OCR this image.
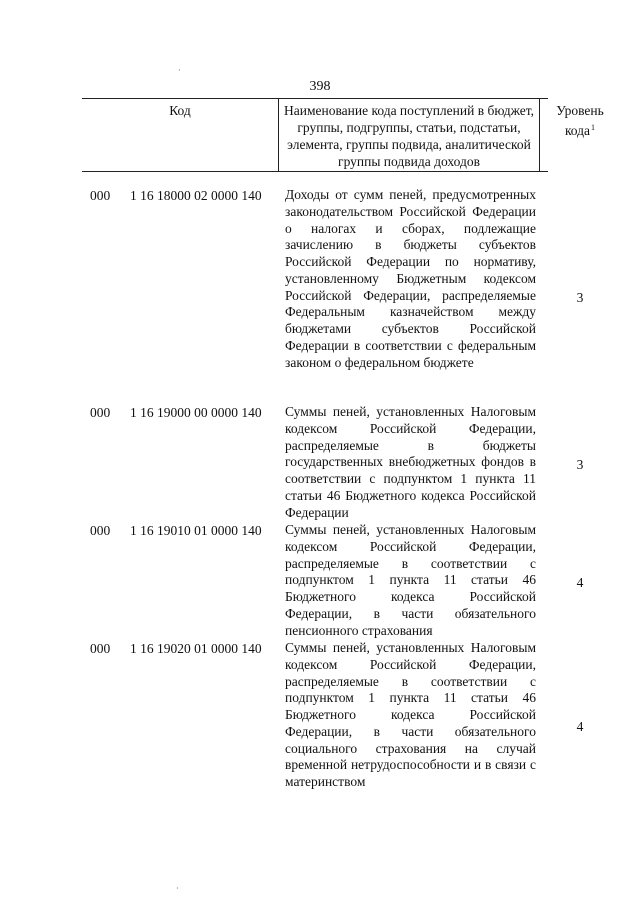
398
Код	Наименование кода поступлений в бюджет, группы, подгруппы, статьи, подстатьи, элемента, группы подвида, аналитической группы подвида доходов
Уровень
кода$^1$
000 1 16 18000 02 0000 140 Доходы от сумм пеней, предусмотренных законодательством Российской Федерации о налогах и сборах, подлежащие зачислению в бюджеты субъектов Российской Федерации по нормативу, установленному Бюджетным кодексом Российской Федерации, распределяемые Федеральным казначейством между бюджетами субъектов Российской Федерации в соответствии с федеральным законом о федеральном бюджете
3
000 1 16 19000 00 0000 140 Суммы пеней, установленных Налоговым кодексом Российской Федерации, распределяемые в бюджеты государственных внебюджетных фондов в соответствии с подпунктом 1 пункта 11 статьи 46 Бюджетного кодекса Российской Федерации
3
000 1 16 19010 01 0000 140 Суммы пеней, установленных Налоговым кодексом Российской Федерации, распределяемые в соответствии с подпунктом 1 пункта 11 статьи 46 Бюджетного кодекса Российской Федерации, в части обязательного пенсионного страхования
4
000 1 16 19020 01 0000 140 Суммы пеней, установленных Налоговым кодексом Российской Федерации, распределяемые в соответствии с подпунктом 1 пункта 11 статьи 46 Бюджетного кодекса Российской Федерации, в части обязательного социального страхования на случай временной нетрудоспособности и в связи с материнством
4
·
·
